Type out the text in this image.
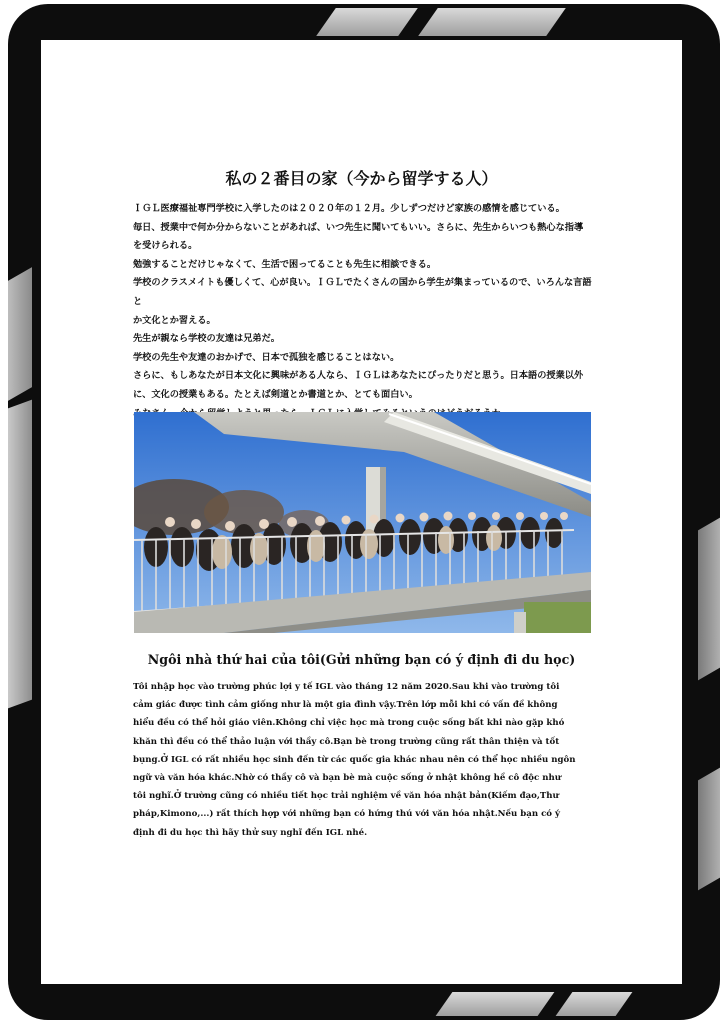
私の２番目の家（今から留学する人）

ＩＧＬ医療福祉専門学校に入学したのは２０２０年の１２月。少しずつだけど家族の感情を感じている。

毎日、授業中で何か分からないことがあれば、いつ先生に聞いてもいい。さらに、先生からいつも熱心な指導

を受けられる。

勉強することだけじゃなくて、生活で困ってることも先生に相談できる。

学校のクラスメイトも優しくて、心が良い。ＩＧＬでたくさんの国から学生が集まっているので、いろんな言語と

か文化とか習える。

先生が親なら学校の友達は兄弟だ。

学校の先生や友達のおかげで、日本で孤独を感じることはない。

さらに、もしあなたが日本文化に興味がある人なら、ＩＧＬはあなたにぴったりだと思う。日本語の授業以外

に、文化の授業もある。たとえば剣道とか書道とか、とても面白い。

Ngôi nhà thứ hai của tôi(Gửi những bạn có ý định đi du học)

Tôi nhập học vào trường phúc lợi y tế IGL vào tháng 12 năm 2020.Sau khi vào trường tôi

cảm giác được tình cảm giống như là một gia đình vậy.Trên lớp mỗi khi có vấn đề không

hiểu đều có thể hỏi giáo viên.Không chỉ việc học mà trong cuộc sống bất khi nào gặp khó

khăn thì đều có thể thảo luận với thầy cô.Bạn bè trong trường cũng rất thân thiện và tốt

bụng.Ở IGL có rất nhiều học sinh đến từ các quốc gia khác nhau nên có thể học nhiều ngôn

ngữ và văn hóa khác.Nhờ có thầy cô và bạn bè mà cuộc sống ở nhật không hề cô độc như

tôi nghĩ.Ở trường cũng có nhiều tiết học trải nghiệm về văn hóa nhật bản(Kiếm đạo,Thư

pháp,Kimono,...) rất thích hợp với những bạn có hứng thú với văn hóa nhật.Nếu bạn có ý

định đi du học thì hãy thử suy nghĩ đến IGL nhé.
